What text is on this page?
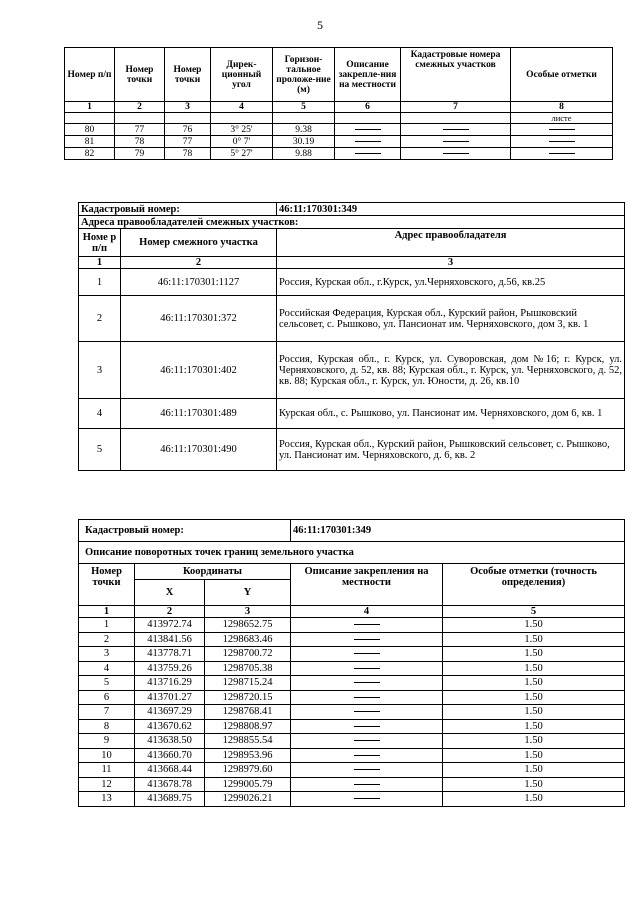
5
Номер п/п	Номер точки	Номер точки	Дирек-ционный угол	Горизон-тальное проложе-ние (м)	Описание закрепле-ния на местности	Кадастровые номера смежных участков	Особые отметки
1	2	3	4	5	6	7	8
							листе
80	77	76	3° 25'	9.38			
81	78	77	0° 7'	30.19			
82	79	78	5° 27'	9.88			
Кадастровый номер:		46:11:170301:349
Адреса правообладателей смежных участков:		
Номе р п/п	Номер смежного участка	Адрес правообладателя
1	2	3
1	46:11:170301:1127	Россия, Курская обл., г.Курск, ул.Черняховского, д.56, кв.25
2	46:11:170301:372	Российская Федерация, Курская обл., Курский район, Рышковский сельсовет, с. Рышково, ул. Пансионат им. Черняховского, дом 3, кв. 1
3	46:11:170301:402	Россия, Курская обл., г. Курск, ул. Суворовская, дом №16; г. Курск, ул. Черняховского, д. 52, кв. 88; Курская обл., г. Курск, ул. Черняховского, д. 52, кв. 88; Курская обл., г. Курск, ул. Юности, д. 26, кв.10
4	46:11:170301:489	Курская обл., с. Рышково, ул. Пансионат им. Черняховского, дом 6, кв. 1
5	46:11:170301:490	Россия, Курская обл., Курский район, Рышковский сельсовет, с. Рышково, ул. Пансионат им. Черняховского, д. 6, кв. 2
Кадастровый номер:			46:11:170301:349	
Описание поворотных точек границ земельного участка				
Номер точки	Координаты		Описание закрепления на местности	Особые отметки (точность определения)
	X	Y		
1	2	3	4	5
1	413972.74	1298652.75		1.50
2	413841.56	1298683.46		1.50
3	413778.71	1298700.72		1.50
4	413759.26	1298705.38		1.50
5	413716.29	1298715.24		1.50
6	413701.27	1298720.15		1.50
7	413697.29	1298768.41		1.50
8	413670.62	1298808.97		1.50
9	413638.50	1298855.54		1.50
10	413660.70	1298953.96		1.50
11	413668.44	1298979.60		1.50
12	413678.78	1299005.79		1.50
13	413689.75	1299026.21		1.50
